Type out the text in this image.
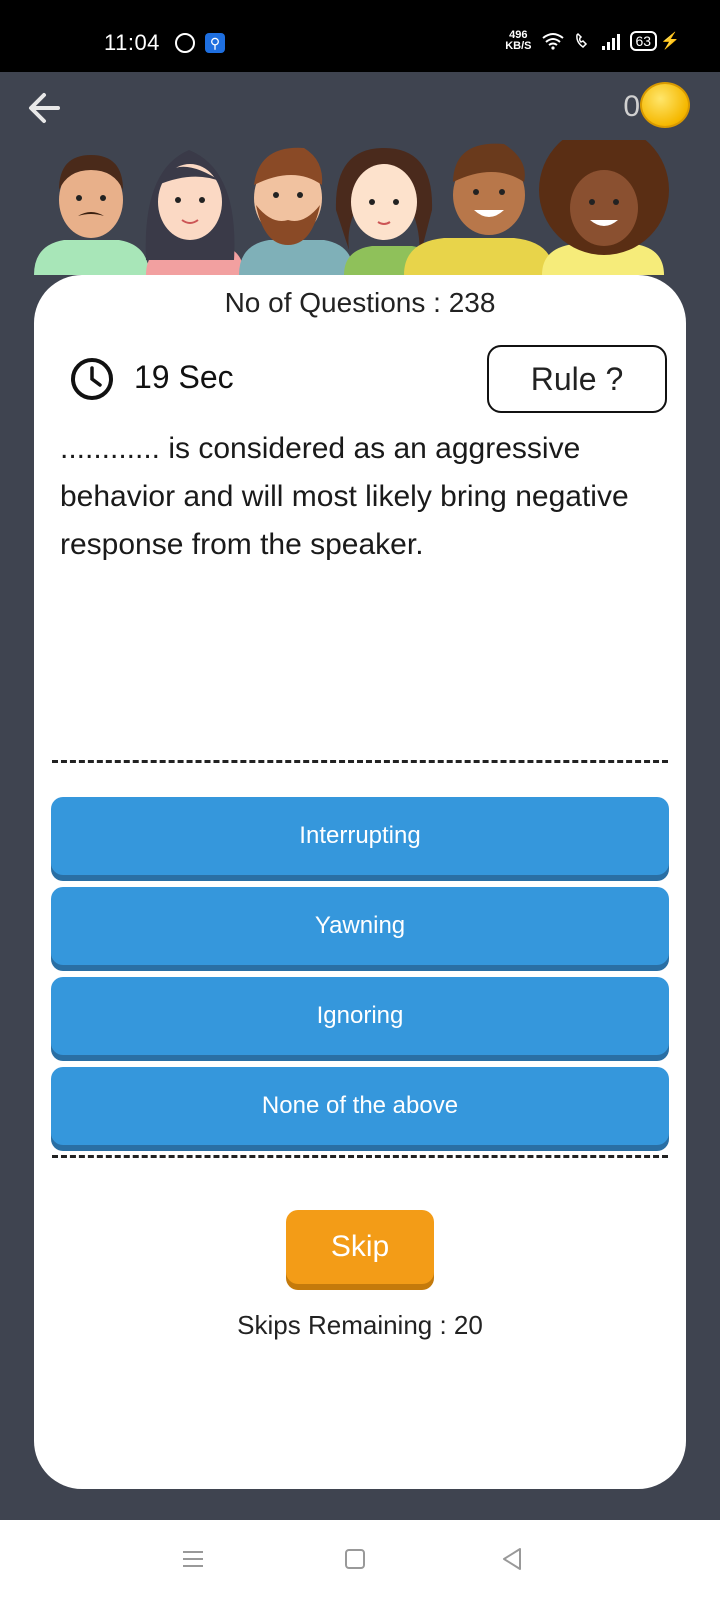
11:04	⚲	496
KB/S	63 ⚡
0
No of Questions : 238
19 Sec	Rule ?

............ is considered as an aggressive behavior and will most likely bring negative response from the speaker.

Interrupting
Yawning
Ignoring
None of the above
Skip
Skips Remaining : 20
